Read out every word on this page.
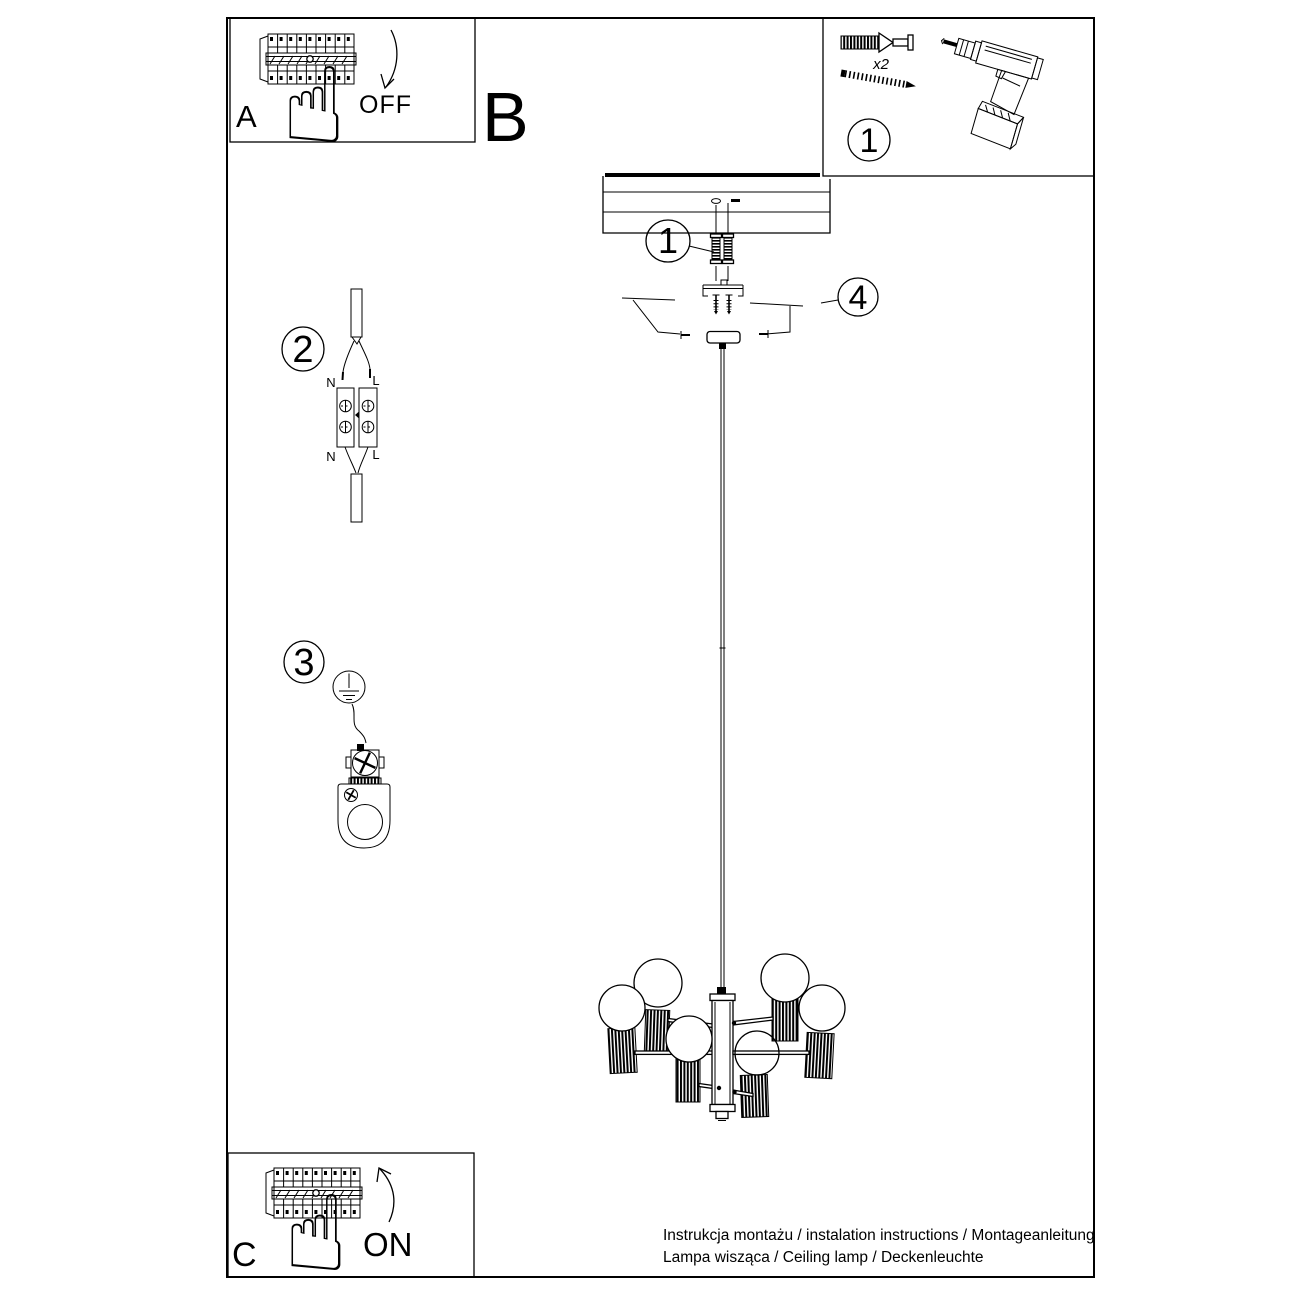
☝
A	OFF B
x2
1
1
4
2
N	L
N	L
3
☝
C	ON	Instrukcja montażu / instalation instructions / Montageanleitung
Lampa wisząca / Ceiling lamp / Deckenleuchte
